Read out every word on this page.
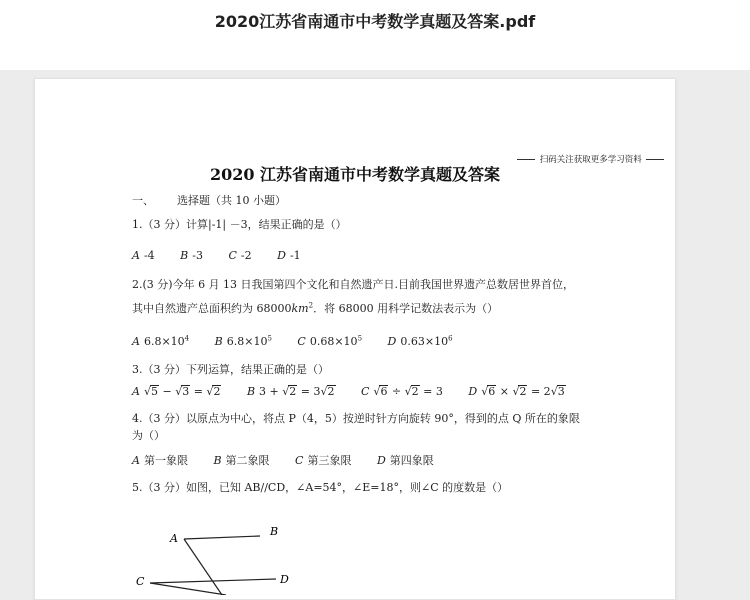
2020江苏省南通市中考数学真题及答案.pdf
扫码关注获取更多学习资料
2020 江苏省南通市中考数学真题及答案
一、 选择题（共 10 小题）
1.（3 分）计算|-1| －3，结果正确的是（）
A -4 B -3 C -2 D -1
2.(3 分)今年 6 月 13 日我国第四个文化和自然遗产日.目前我国世界遗产总数居世界首位，
其中自然遗产总面积约为 $68000km^2$．将 68000 用科学记数法表示为（）
A $6.8\times 10^4$ B $6.8\times 10^5$ C $0.68\times 10^5$ D $0.63\times 10^6$
3.（3 分）下列运算，结果正确的是（）
A √5 − √3 = √2 B 3 + √2 = 3√2 C √6 ÷ √2 = 3 D √6 × √2 = 2√3
4.（3 分）以原点为中心，将点 P（4，5）按逆时针方向旋转 90°，得到的点 Q 所在的象限
为（）
A 第一象限 B 第二象限 C 第三象限 D 第四象限
5.（3 分）如图，已知 AB//CD，∠A=54°，∠E=18°，则∠C 的度数是（）
A
B
C	D
